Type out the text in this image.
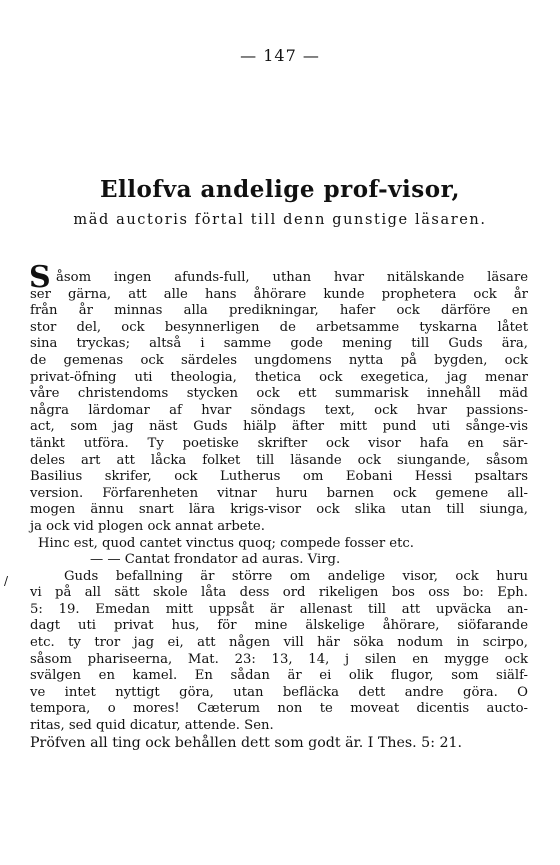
— 147 —
Ellofva andelige prof-visor,
mäd auctoris förtal till denn gunstige läsaren.
/
S åsom ingen afunds-full, uthan hvar nitälskande läsare
ser gärna, att alle hans åhörare kunde prophetera ock år
från år minnas alla predikningar, hafer ock därföre en
stor del, ock besynnerligen de arbetsamme tyskarna låtet
sina tryckas; altså i samme gode mening till Guds ära,
de gemenas ock särdeles ungdomens nytta på bygden, ock
privat-öfning uti theologia, thetica ock exegetica, jag menar
våre christendoms stycken ock ett summarisk innehåll mäd
några lärdomar af hvar söndags text, ock hvar passions-
act, som jag näst Guds hiälp äfter mitt pund uti sånge-vis
tänkt utföra. Ty poetiske skrifter ock visor hafa en sär-
deles art att låcka folket till läsande ock siungande, såsom
Basilius skrifer, ock Lutherus om Eobani Hessi psaltars
version. Förfarenheten vitnar huru barnen ock gemene all-
mogen ännu snart lära krigs-visor ock slika utan till siunga,
ja ock vid plogen ock annat arbete.
Hinc est, quod cantet vinctus quoq; compede fosser etc.
— — Cantat frondator ad auras. Virg.
Guds befallning är större om andelige visor, ock huru
vi på all sätt skole låta dess ord rikeligen bos oss bo: Eph.
5: 19. Emedan mitt uppsåt är allenast till att upväcka an-
dagt uti privat hus, för mine älskelige åhörare, siöfarande
etc. ty tror jag ei, att någen vill här söka nodum in scirpo,
såsom phariseerna, Mat. 23: 13, 14, j silen en mygge ock
svälgen en kamel. En sådan är ei olik flugor, som siälf-
ve intet nyttigt göra, utan befläcka dett andre göra. O
tempora, o mores! Cæterum non te moveat dicentis aucto-
ritas, sed quid dicatur, attende. Sen.
Pröfven all ting ock behållen dett som godt är. I Thes. 5: 21.
